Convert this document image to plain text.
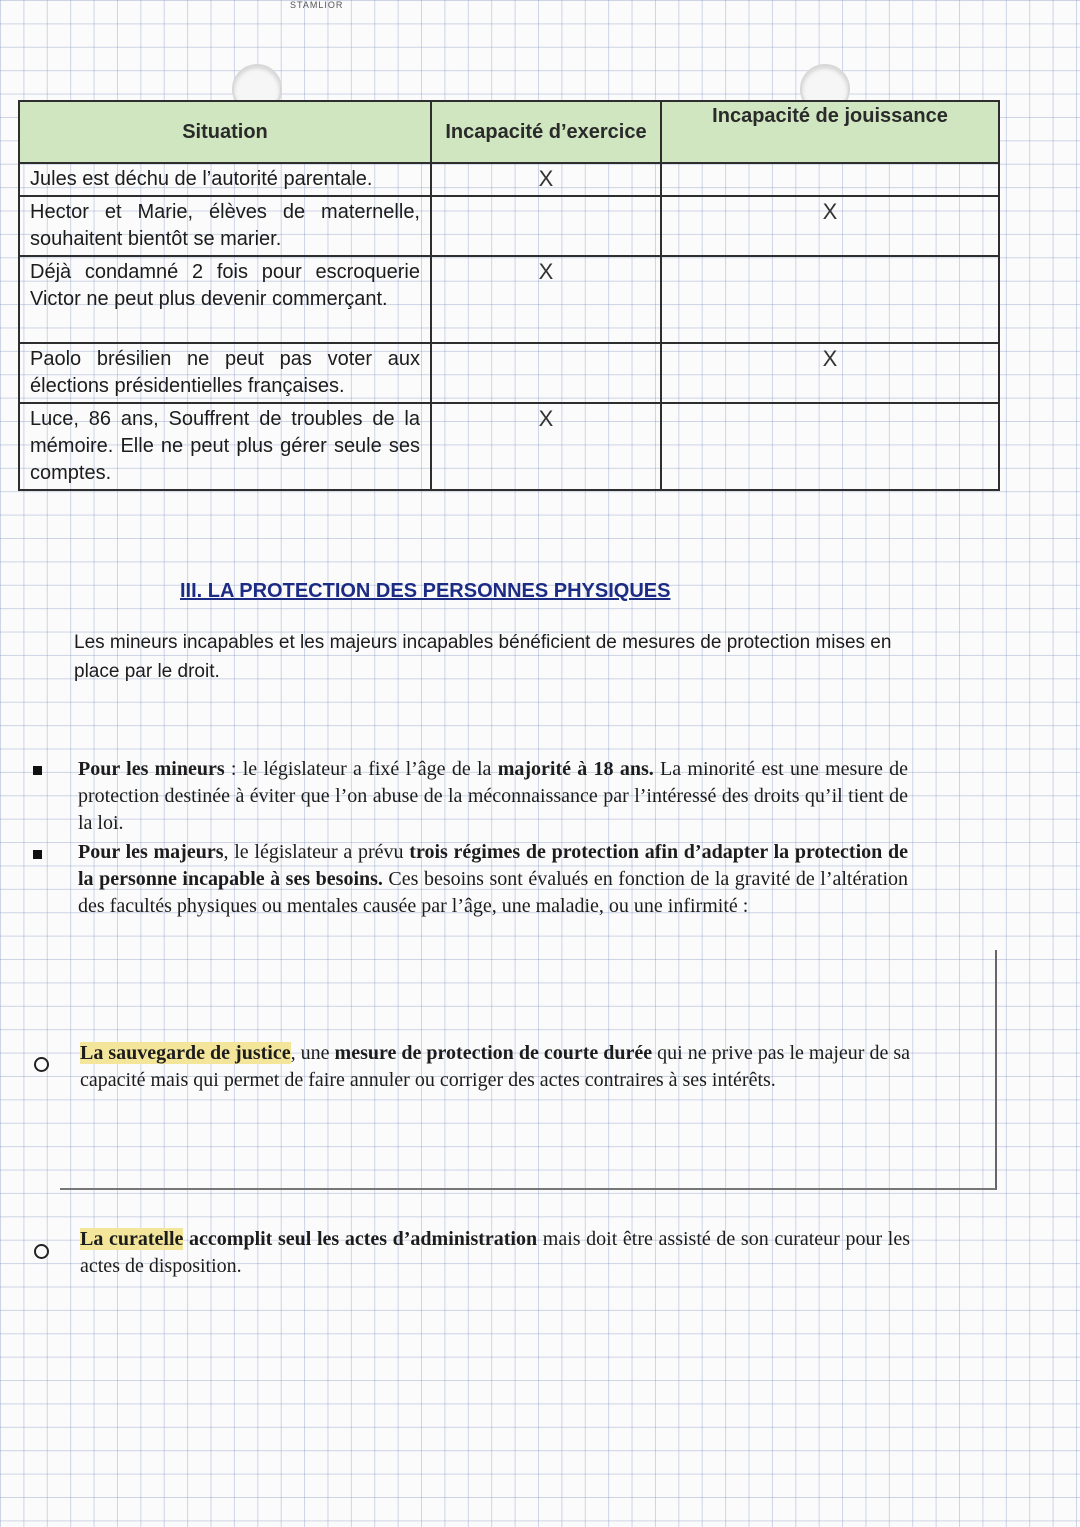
STAMLIOR
Situation	Incapacité d’exercice	Incapacité de jouissance
Jules est déchu de l’autorité parentale.	X	
Hector et Marie, élèves de maternelle, souhaitent bientôt se marier.		X
Déjà condamné 2 fois pour escroquerie Victor ne peut plus devenir commerçant.	X	
Paolo brésilien ne peut pas voter aux élections présidentielles françaises.		X
Luce, 86 ans, Souffrent de troubles de la mémoire. Elle ne peut plus gérer seule ses comptes.	X	
III. LA PROTECTION DES PERSONNES PHYSIQUES
Les mineurs incapables et les majeurs incapables bénéficient de mesures de protection mises en place par le droit.
Pour les mineurs : le législateur a fixé l’âge de la majorité à 18 ans. La minorité est une mesure de protection destinée à éviter que l’on abuse de la méconnaissance par l’intéressé des droits qu’il tient de la loi.
Pour les majeurs, le législateur a prévu trois régimes de protection afin d’adapter la protection de la personne incapable à ses besoins. Ces besoins sont évalués en fonction de la gravité de l’altération des facultés physiques ou mentales causée par l’âge, une maladie, ou une infirmité :
La sauvegarde de justice, une mesure de protection de courte durée qui ne prive pas le majeur de sa capacité mais qui permet de faire annuler ou corriger des actes contraires à ses intérêts.
La curatelle accomplit seul les actes d’administration mais doit être assisté de son curateur pour les actes de disposition.
